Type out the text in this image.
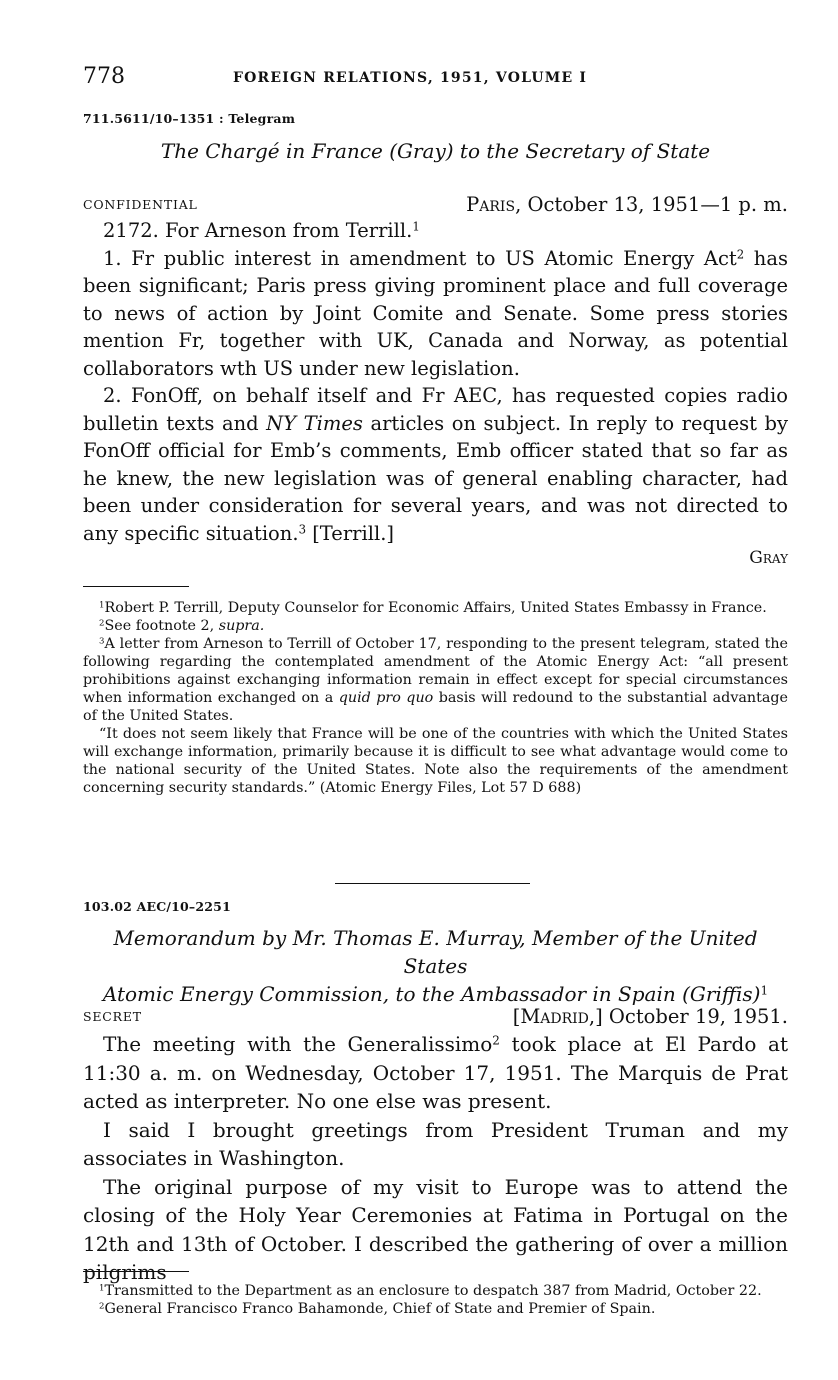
778	FOREIGN RELATIONS, 1951, VOLUME I
711.5611/10–1351 : Telegram
The Chargé in France (Gray) to the Secretary of State
CONFIDENTIAL	Paris, October 13, 1951—1 p. m.

2172. For Arneson from Terrill.$^1$

1. Fr public interest in amendment to US Atomic Energy Act$^2$ has been significant; Paris press giving prominent place and full coverage to news of action by Joint Comite and Senate. Some press stories mention Fr, together with UK, Canada and Norway, as potential collaborators wth US under new legislation.

2. FonOff, on behalf itself and Fr AEC, has requested copies radio bulletin texts and NY Times articles on subject. In reply to request by FonOff official for Emb’s comments, Emb officer stated that so far as he knew, the new legislation was of general enabling character, had been under consideration for several years, and was not directed to any specific situation.$^3$ [Terrill.]

Gray

$^1$Robert P. Terrill, Deputy Counselor for Economic Affairs, United States Embassy in France.

$^2$See footnote 2, supra.

$^3$A letter from Arneson to Terrill of October 17, responding to the present telegram, stated the following regarding the contemplated amendment of the Atomic Energy Act: “all present prohibitions against exchanging information remain in effect except for special circumstances when information exchanged on a quid pro quo basis will redound to the substantial advantage of the United States.

“It does not seem likely that France will be one of the countries with which the United States will exchange information, primarily because it is difficult to see what advantage would come to the national security of the United States. Note also the requirements of the amendment concerning security standards.” (Atomic Energy Files, Lot 57 D 688)

103.02 AEC/10–2251
Memorandum by Mr. Thomas E. Murray, Member of the United States
Atomic Energy Commission, to the Ambassador in Spain (Griffis)$^1$
SECRET	[Madrid,] October 19, 1951.

The meeting with the Generalissimo$^2$ took place at El Pardo at 11:30 a. m. on Wednesday, October 17, 1951. The Marquis de Prat acted as interpreter. No one else was present.

I said I brought greetings from President Truman and my associates in Washington.

The original purpose of my visit to Europe was to attend the closing of the Holy Year Ceremonies at Fatima in Portugal on the 12th and 13th of October. I described the gathering of over a million pilgrims

$^1$Transmitted to the Department as an enclosure to despatch 387 from Madrid, October 22.

$^2$General Francisco Franco Bahamonde, Chief of State and Premier of Spain.
